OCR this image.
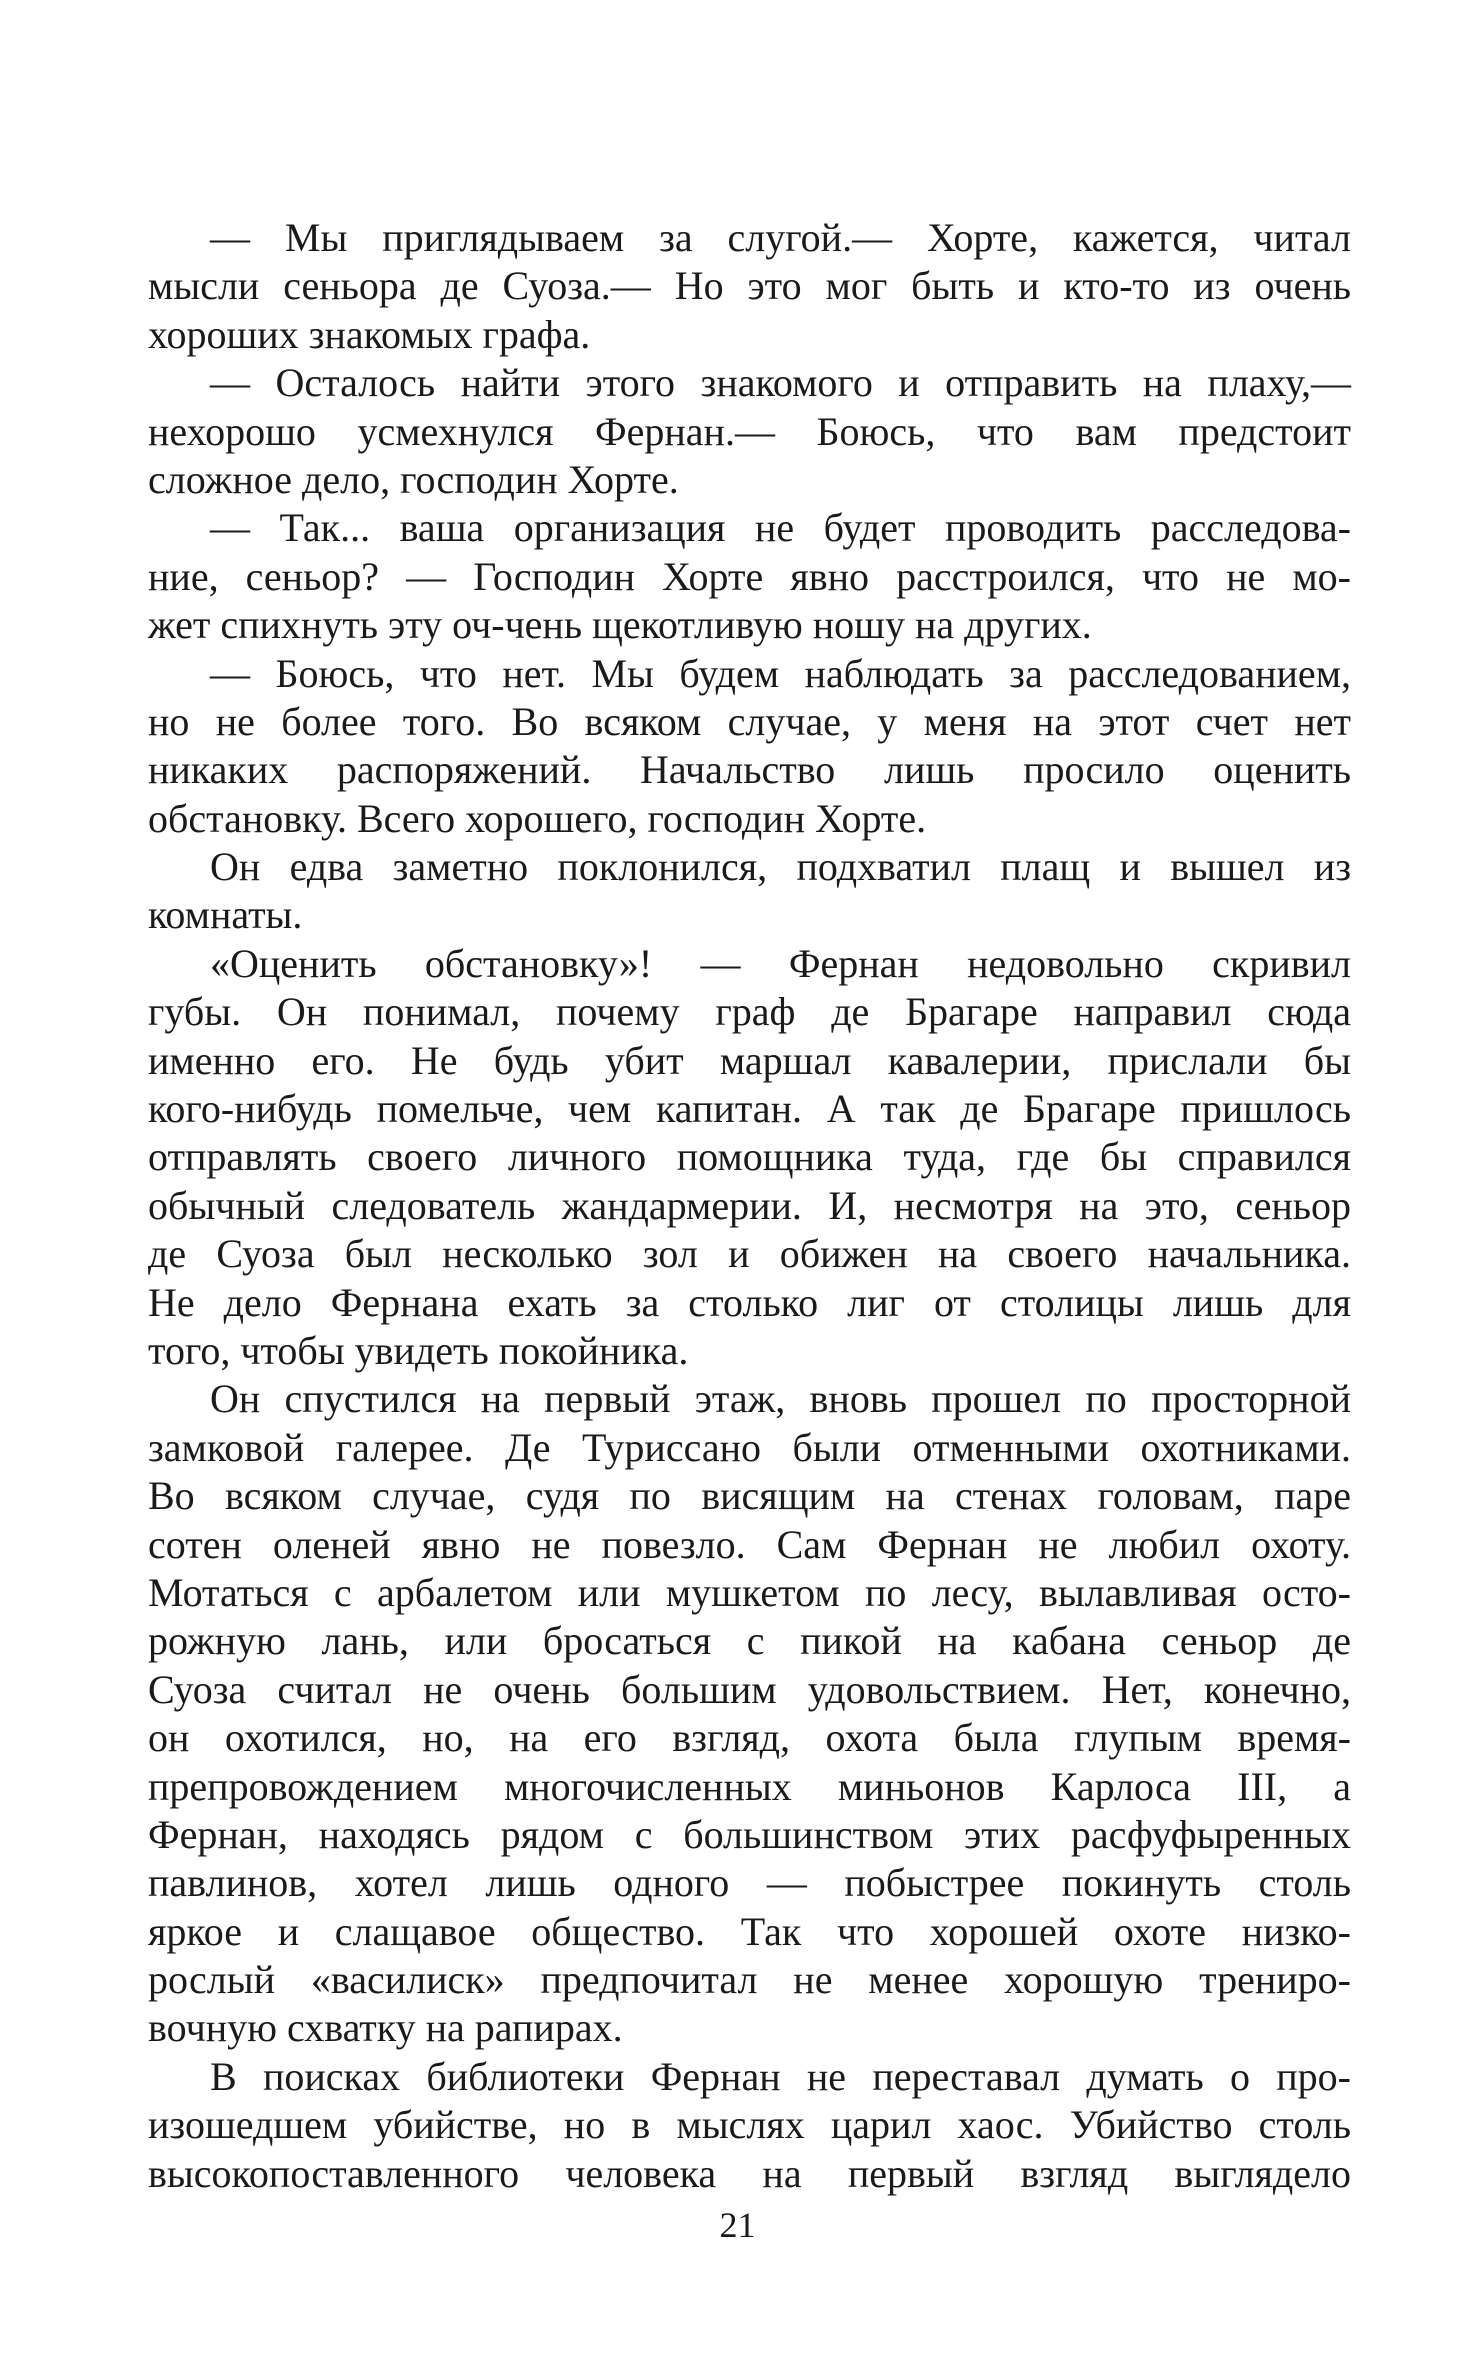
— Мы приглядываем за слугой.— Хорте, кажется, читал
мысли сеньора де Суоза.— Но это мог быть и кто-то из очень
хороших знакомых графа.
— Осталось найти этого знакомого и отправить на плаху,—
нехорошо усмехнулся Фернан.— Боюсь, что вам предстоит
сложное дело, господин Хорте.
— Так... ваша организация не будет проводить расследова-
ние, сеньор? — Господин Хорте явно расстроился, что не мо-
жет спихнуть эту оч-чень щекотливую ношу на других.
— Боюсь, что нет. Мы будем наблюдать за расследованием,
но не более того. Во всяком случае, у меня на этот счет нет
никаких распоряжений. Начальство лишь просило оценить
обстановку. Всего хорошего, господин Хорте.
Он едва заметно поклонился, подхватил плащ и вышел из
комнаты.
«Оценить обстановку»! — Фернан недовольно скривил
губы. Он понимал, почему граф де Брагаре направил сюда
именно его. Не будь убит маршал кавалерии, прислали бы
кого-нибудь помельче, чем капитан. А так де Брагаре пришлось
отправлять своего личного помощника туда, где бы справился
обычный следователь жандармерии. И, несмотря на это, сеньор
де Суоза был несколько зол и обижен на своего начальника.
Не дело Фернана ехать за столько лиг от столицы лишь для
того, чтобы увидеть покойника.
Он спустился на первый этаж, вновь прошел по просторной
замковой галерее. Де Туриссано были отменными охотниками.
Во всяком случае, судя по висящим на стенах головам, паре
сотен оленей явно не повезло. Сам Фернан не любил охоту.
Мотаться с арбалетом или мушкетом по лесу, вылавливая осто-
рожную лань, или бросаться с пикой на кабана сеньор де
Суоза считал не очень большим удовольствием. Нет, конечно,
он охотился, но, на его взгляд, охота была глупым время-
препровождением многочисленных миньонов Карлоса III, а
Фернан, находясь рядом с большинством этих расфуфыренных
павлинов, хотел лишь одного — побыстрее покинуть столь
яркое и слащавое общество. Так что хорошей охоте низко-
рослый «василиск» предпочитал не менее хорошую трениро-
вочную схватку на рапирах.
В поисках библиотеки Фернан не переставал думать о про-
изошедшем убийстве, но в мыслях царил хаос. Убийство столь
высокопоставленного человека на первый взгляд выглядело
21
